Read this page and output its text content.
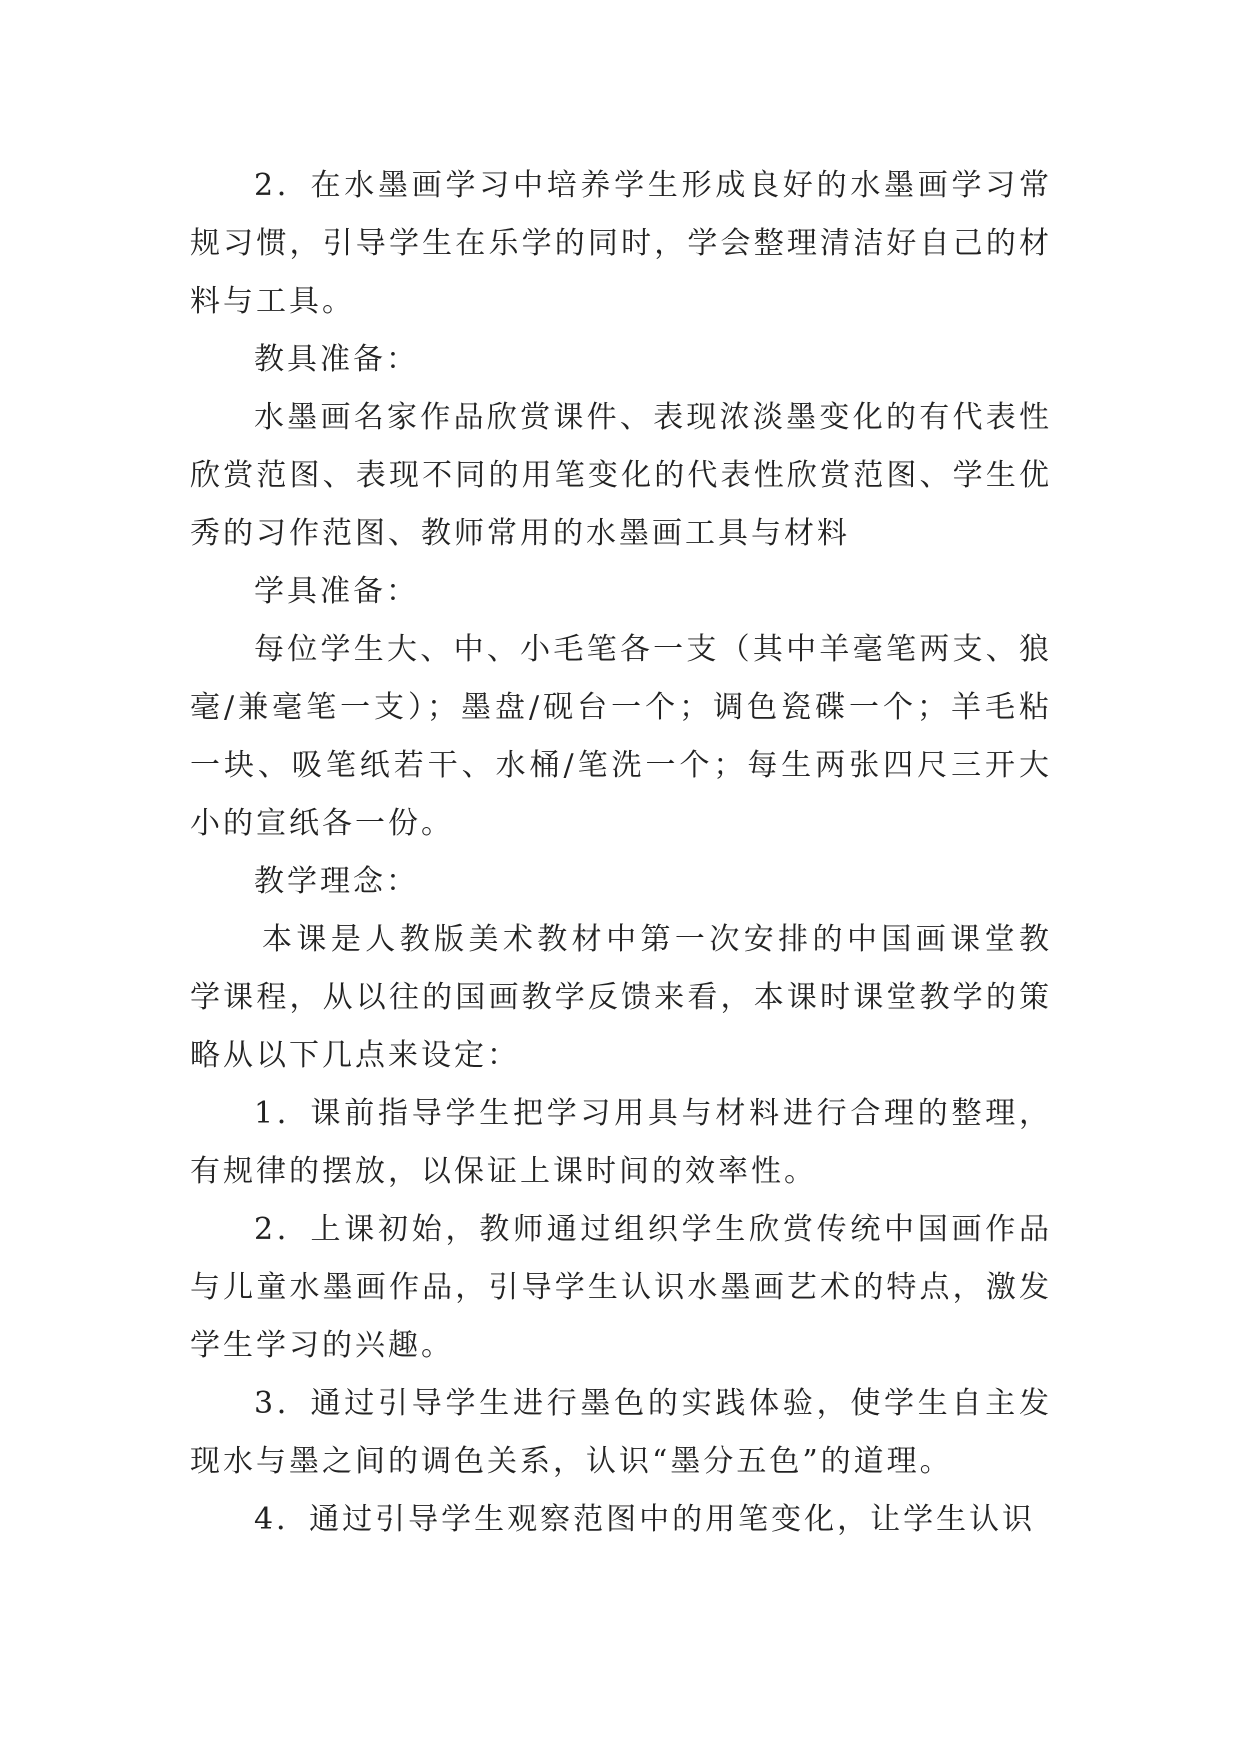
2．在水墨画学习中培养学生形成良好的水墨画学习常规习惯，引导学生在乐学的同时，学会整理清洁好自己的材料与工具。

教具准备：

水墨画名家作品欣赏课件、表现浓淡墨变化的有代表性欣赏范图、表现不同的用笔变化的代表性欣赏范图、学生优秀的习作范图、教师常用的水墨画工具与材料

学具准备：

每位学生大、中、小毛笔各一支（其中羊毫笔两支、狼毫/兼毫笔一支）；墨盘/砚台一个；调色瓷碟一个；羊毛粘一块、吸笔纸若干、水桶/笔洗一个；每生两张四尺三开大小的宣纸各一份。

教学理念：

本课是人教版美术教材中第一次安排的中国画课堂教学课程，从以往的国画教学反馈来看，本课时课堂教学的策略从以下几点来设定：

1．课前指导学生把学习用具与材料进行合理的整理，有规律的摆放，以保证上课时间的效率性。

2．上课初始，教师通过组织学生欣赏传统中国画作品与儿童水墨画作品，引导学生认识水墨画艺术的特点，激发学生学习的兴趣。

3．通过引导学生进行墨色的实践体验，使学生自主发现水与墨之间的调色关系，认识“墨分五色”的道理。

4．通过引导学生观察范图中的用笔变化，让学生认识
